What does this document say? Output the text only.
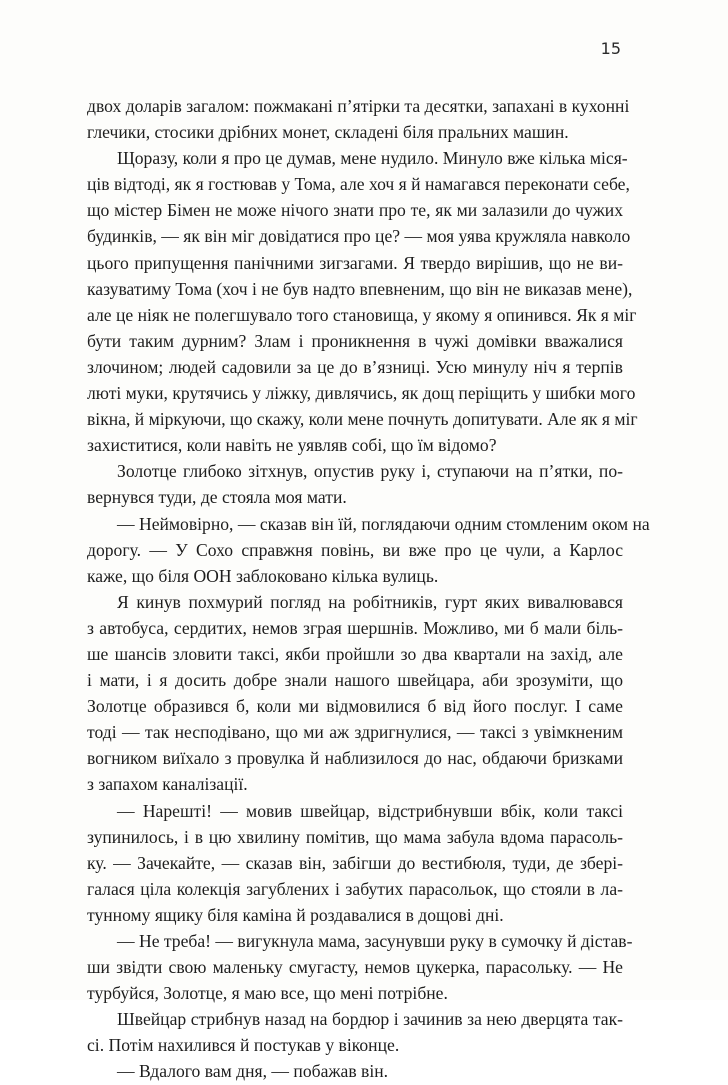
15
двох доларів загалом: пожмакані п’ятірки та десятки, запахані в кухонні
глечики, стосики дрібних монет, складені біля пральних машин.
Щоразу, коли я про це думав, мене нудило. Минуло вже кілька міся-
ців відтоді, як я гостював у Тома, але хоч я й намагався переконати себе,
що містер Бімен не може нічого знати про те, як ми залазили до чужих
будинків, — як він міг довідатися про це? — моя уява кружляла навколо
цього припущення панічними зигзагами. Я твердо вирішив, що не ви-
казуватиму Тома (хоч і не був надто впевненим, що він не виказав мене),
але це ніяк не полегшувало того становища, у якому я опинився. Як я міг
бути таким дурним? Злам і проникнення в чужі домівки вважалися
злочином; людей садовили за це до в’язниці. Усю минулу ніч я терпів
люті муки, крутячись у ліжку, дивлячись, як дощ періщить у шибки мого
вікна, й міркуючи, що скажу, коли мене почнуть допитувати. Але як я міг
захиститися, коли навіть не уявляв собі, що їм відомо?
Золотце глибоко зітхнув, опустив руку і, ступаючи на п’ятки, по-
вернувся туди, де стояла моя мати.
— Неймовірно, — сказав він їй, поглядаючи одним стомленим оком на
дорогу. — У Сохо справжня повінь, ви вже про це чули, а Карлос
каже, що біля ООН заблоковано кілька вулиць.
Я кинув похмурий погляд на робітників, гурт яких вивалювався
з автобуса, сердитих, немов зграя шершнів. Можливо, ми б мали біль-
ше шансів зловити таксі, якби пройшли зо два квартали на захід, але
і мати, і я досить добре знали нашого швейцара, аби зрозуміти, що
Золотце образився б, коли ми відмовилися б від його послуг. І саме
тоді — так несподівано, що ми аж здригнулися, — таксі з увімкненим
вогником виїхало з провулка й наблизилося до нас, обдаючи бризками
з запахом каналізації.
— Нарешті! — мовив швейцар, відстрибнувши вбік, коли таксі
зупинилось, і в цю хвилину помітив, що мама забула вдома парасоль-
ку. — Зачекайте, — сказав він, забігши до вестибюля, туди, де збері-
галася ціла колекція загублених і забутих парасольок, що стояли в ла-
тунному ящику біля каміна й роздавалися в дощові дні.
— Не треба! — вигукнула мама, засунувши руку в сумочку й дістав-
ши звідти свою маленьку смугасту, немов цукерка, парасольку. — Не
турбуйся, Золотце, я маю все, що мені потрібне.
Швейцар стрибнув назад на бордюр і зачинив за нею дверцята так-
сі. Потім нахилився й постукав у віконце.
— Вдалого вам дня, — побажав він.
